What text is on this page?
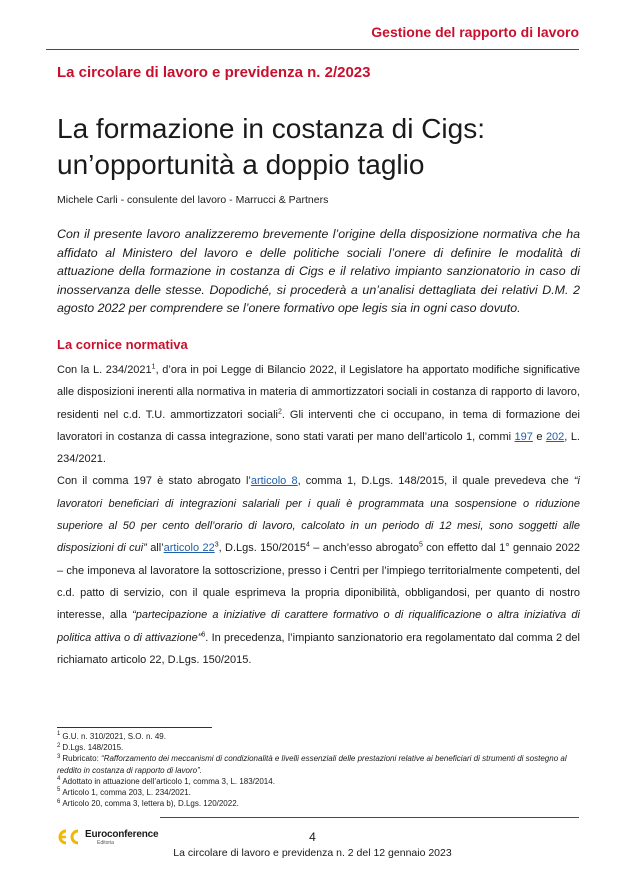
Gestione del rapporto di lavoro
La circolare di lavoro e previdenza n. 2/2023
La formazione in costanza di Cigs: un’opportunità a doppio taglio
Michele Carli - consulente del lavoro - Marrucci & Partners

Con il presente lavoro analizzeremo brevemente l’origine della disposizione normativa che ha affidato al Ministero del lavoro e delle politiche sociali l’onere di definire le modalità di attuazione della formazione in costanza di Cigs e il relativo impianto sanzionatorio in caso di inosservanza delle stesse. Dopodiché, si procederà a un’analisi dettagliata dei relativi D.M. 2 agosto 2022 per comprendere se l’onere formativo ope legis sia in ogni caso dovuto.

La cornice normativa

Con la L. 234/2021$^1$, d’ora in poi Legge di Bilancio 2022, il Legislatore ha apportato modifiche significative alle disposizioni inerenti alla normativa in materia di ammortizzatori sociali in costanza di rapporto di lavoro, residenti nel c.d. T.U. ammortizzatori sociali$^2$. Gli interventi che ci occupano, in tema di formazione dei lavoratori in costanza di cassa integrazione, sono stati varati per mano dell’articolo 1, commi 197 e 202, L. 234/2021.

Con il comma 197 è stato abrogato l’articolo 8, comma 1, D.Lgs. 148/2015, il quale prevedeva che “i lavoratori beneficiari di integrazioni salariali per i quali è programmata una sospensione o riduzione superiore al 50 per cento dell’orario di lavoro, calcolato in un periodo di 12 mesi, sono soggetti alle disposizioni di cui” all’articolo $22^3$, D.Lgs. 150/2015$^4$ – anch’esso abrogato$^5$ con effetto dal 1° gennaio 2022 – che imponeva al lavoratore la sottoscrizione, presso i Centri per l’impiego territorialmente competenti, del c.d. patto di servizio, con il quale esprimeva la propria diponibilità, obbligandosi, per quanto di nostro interesse, alla “partecipazione a iniziative di carattere formativo o di riqualificazione o altra iniziativa di politica attiva o di attivazione”$^6$. In precedenza, l’impianto sanzionatorio era regolamentato dal comma 2 del richiamato articolo 22, D.Lgs. 150/2015.

$^1$ G.U. n. 310/2021, S.O. n. 49.
$^2$ D.Lgs. 148/2015.
$^3$ Rubricato: “Rafforzamento dei meccanismi di condizionalità e livelli essenziali delle prestazioni relative ai beneficiari di strumenti di sostegno al reddito in costanza di rapporto di lavoro”.
$^4$ Adottato in attuazione dell’articolo 1, comma 3, L. 183/2014.
$^5$ Articolo 1, comma 203, L. 234/2021.
$^6$ Articolo 20, comma 3, lettera b), D.Lgs. 120/2022.
Euroconference
Editoria	4
La circolare di lavoro e previdenza n. 2 del 12 gennaio 2023
